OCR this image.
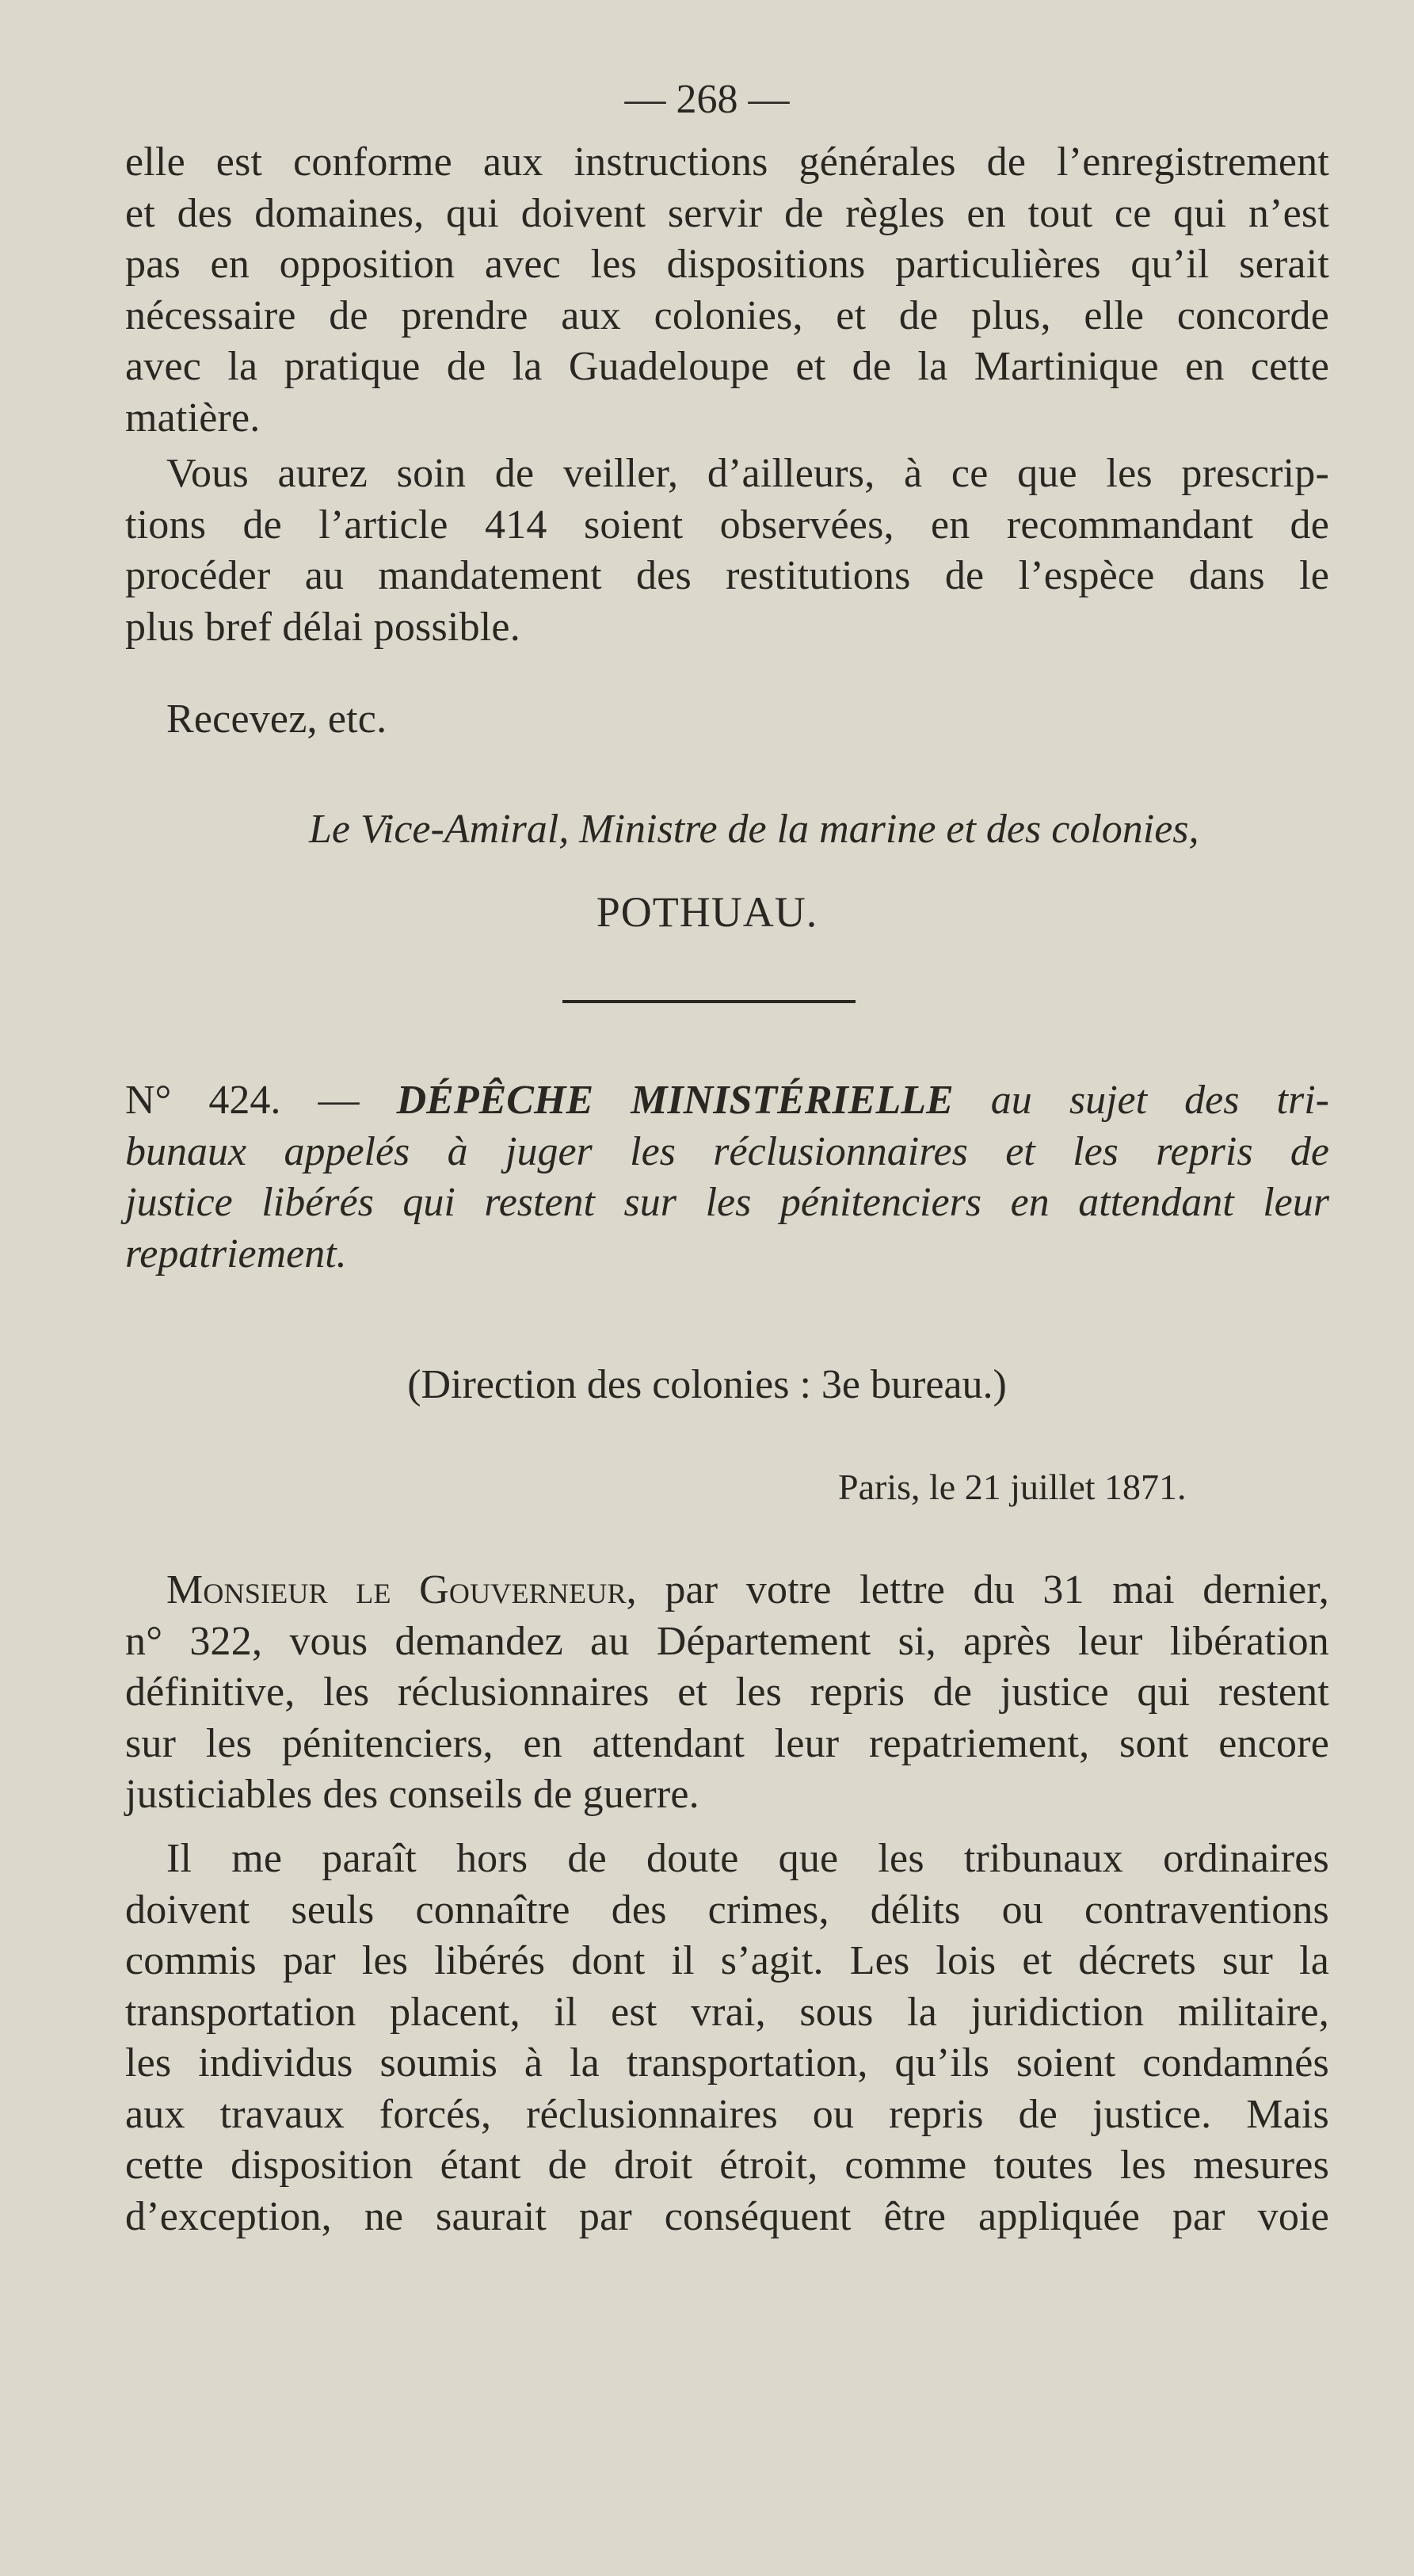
— 268 —
elle est conforme aux instructions générales de l’enregistrement
et des domaines, qui doivent servir de règles en tout ce qui n’est
pas en opposition avec les dispositions particulières qu’il serait
nécessaire de prendre aux colonies, et de plus, elle concorde
avec la pratique de la Guadeloupe et de la Martinique en cette
matière.
Vous aurez soin de veiller, d’ailleurs, à ce que les prescrip-
tions de l’article 414 soient observées, en recommandant de
procéder au mandatement des restitutions de l’espèce dans le
plus bref délai possible.
Recevez, etc.
Le Vice-Amiral, Ministre de la marine et des colonies,
POTHUAU.
N° 424. — DÉPÊCHE MINISTÉRIELLE au sujet des tri-
bunaux appelés à juger les réclusionnaires et les repris de
justice libérés qui restent sur les pénitenciers en attendant leur
repatriement.
(Direction des colonies : 3e bureau.)
Paris, le 21 juillet 1871.
Monsieur le Gouverneur, par votre lettre du 31 mai dernier,
n° 322, vous demandez au Département si, après leur libération
définitive, les réclusionnaires et les repris de justice qui restent
sur les pénitenciers, en attendant leur repatriement, sont encore
justiciables des conseils de guerre.
Il me paraît hors de doute que les tribunaux ordinaires
doivent seuls connaître des crimes, délits ou contraventions
commis par les libérés dont il s’agit. Les lois et décrets sur la
transportation placent, il est vrai, sous la juridiction militaire,
les individus soumis à la transportation, qu’ils soient condamnés
aux travaux forcés, réclusionnaires ou repris de justice. Mais
cette disposition étant de droit étroit, comme toutes les mesures
d’exception, ne saurait par conséquent être appliquée par voie
